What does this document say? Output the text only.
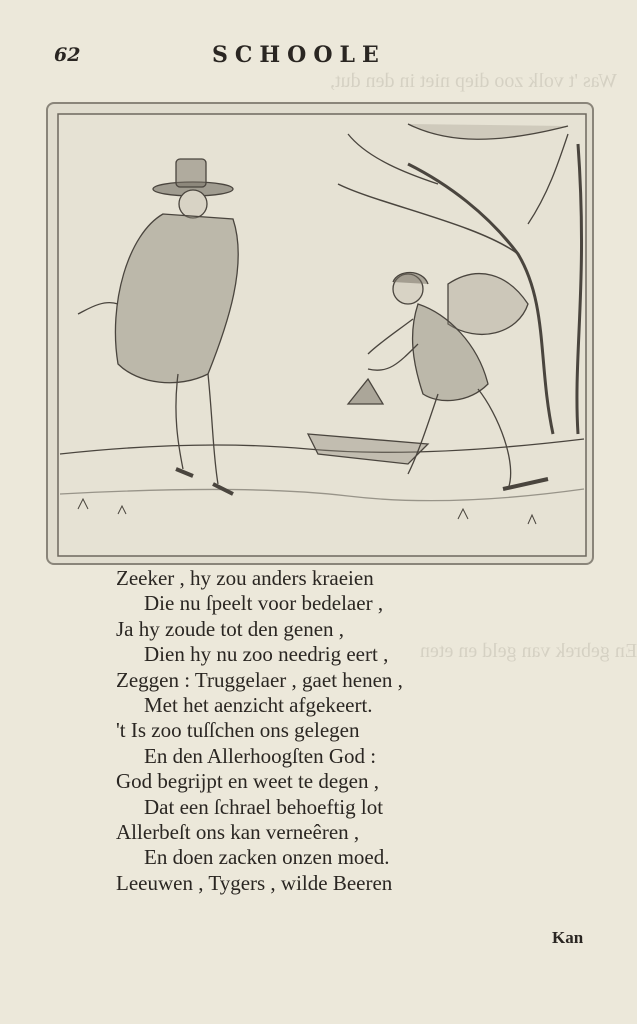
Was 't volk zoo diep niet in den dut,
En gebrek van geld en eten
62	SCHOOLE
Zeeker , hy zou anders kraeien
Die nu ſpeelt voor bedelaer ,
Ja hy zoude tot den genen ,
Dien hy nu zoo needrig eert ,
Zeggen : Truggelaer , gaet henen ,
Met het aenzicht afgekeert.
't Is zoo tuſſchen ons gelegen
En den Allerhoogſten God :
God begrijpt en weet te degen ,
Dat een ſchrael behoeftig lot
Allerbeſt ons kan verneêren ,
En doen zacken onzen moed.
Leeuwen , Tygers , wilde Beeren
Kan
